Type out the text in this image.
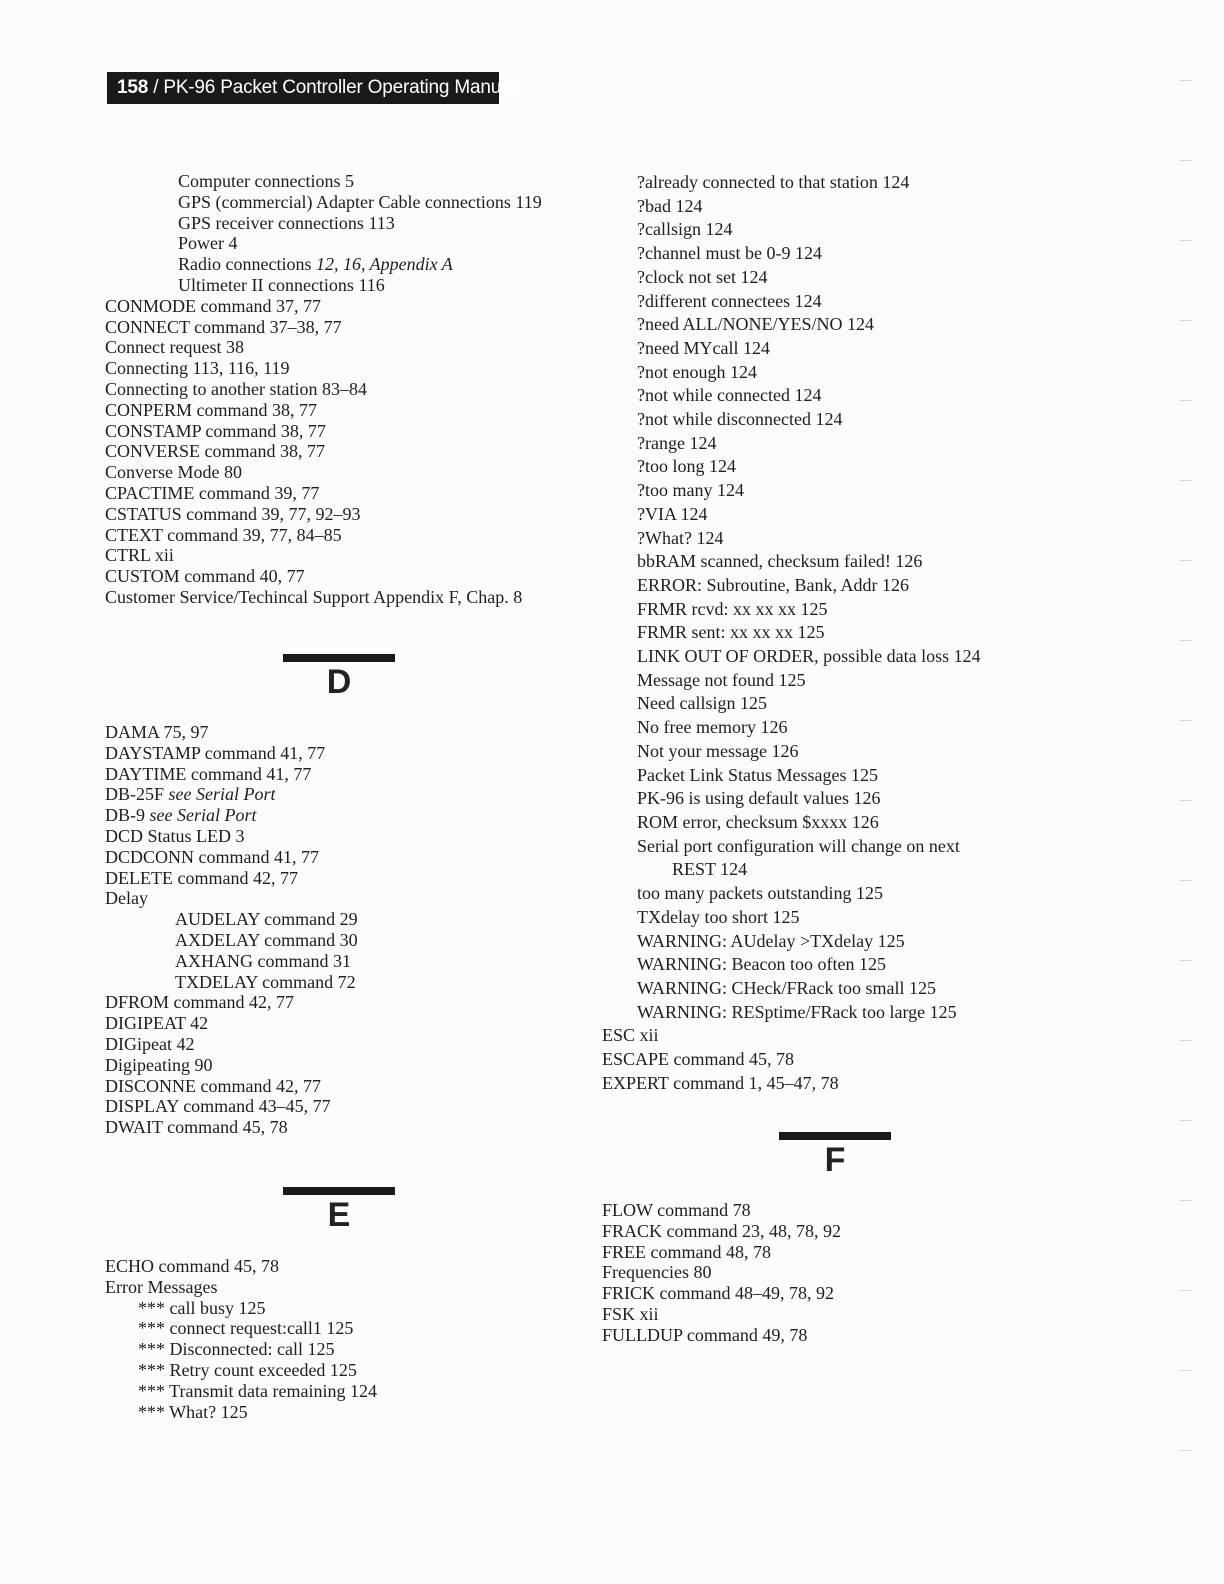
158 / PK-96 Packet Controller Operating Manual
Computer connections 5
GPS (commercial) Adapter Cable connections 119
GPS receiver connections 113
Power 4
Radio connections 12, 16, Appendix A
Ultimeter II connections 116
CONMODE command 37, 77
CONNECT command 37–38, 77
Connect request 38
Connecting 113, 116, 119
Connecting to another station 83–84
CONPERM command 38, 77
CONSTAMP command 38, 77
CONVERSE command 38, 77
Converse Mode 80
CPACTIME command 39, 77
CSTATUS command 39, 77, 92–93
CTEXT command 39, 77, 84–85
CTRL xii
CUSTOM command 40, 77
Customer Service/Techincal Support Appendix F, Chap. 8
D
DAMA 75, 97
DAYSTAMP command 41, 77
DAYTIME command 41, 77
DB-25F see Serial Port
DB-9 see Serial Port
DCD Status LED 3
DCDCONN command 41, 77
DELETE command 42, 77
Delay
AUDELAY command 29
AXDELAY command 30
AXHANG command 31
TXDELAY command 72
DFROM command 42, 77
DIGIPEAT 42
DIGipeat 42
Digipeating 90
DISCONNE command 42, 77
DISPLAY command 43–45, 77
DWAIT command 45, 78
E
ECHO command 45, 78
Error Messages
*** call busy 125
*** connect request:call1 125
*** Disconnected: call 125
*** Retry count exceeded 125
*** Transmit data remaining 124
*** What? 125
?already connected to that station 124
?bad 124
?callsign 124
?channel must be 0-9 124
?clock not set 124
?different connectees 124
?need ALL/NONE/YES/NO 124
?need MYcall 124
?not enough 124
?not while connected 124
?not while disconnected 124
?range 124
?too long 124
?too many 124
?VIA 124
?What? 124
bbRAM scanned, checksum failed! 126
ERROR: Subroutine, Bank, Addr 126
FRMR rcvd: xx xx xx 125
FRMR sent: xx xx xx 125
LINK OUT OF ORDER, possible data loss 124
Message not found 125
Need callsign 125
No free memory 126
Not your message 126
Packet Link Status Messages 125
PK-96 is using default values 126
ROM error, checksum $xxxx 126
Serial port configuration will change on next
REST 124
too many packets outstanding 125
TXdelay too short 125
WARNING: AUdelay >TXdelay 125
WARNING: Beacon too often 125
WARNING: CHeck/FRack too small 125
WARNING: RESptime/FRack too large 125
ESC xii
ESCAPE command 45, 78
EXPERT command 1, 45–47, 78
F
FLOW command 78
FRACK command 23, 48, 78, 92
FREE command 48, 78
Frequencies 80
FRICK command 48–49, 78, 92
FSK xii
FULLDUP command 49, 78
